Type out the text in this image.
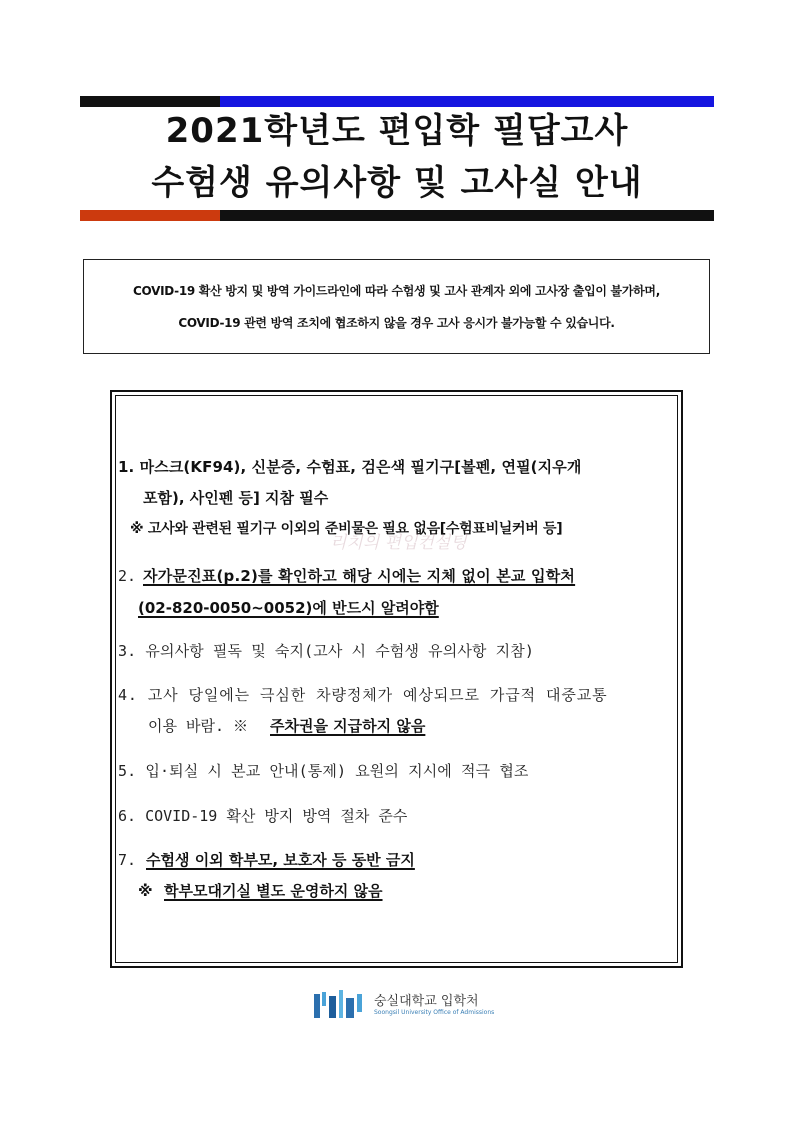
2021학년도 편입학 필답고사
수험생 유의사항 및 고사실 안내
COVID-19 확산 방지 및 방역 가이드라인에 따라 수험생 및 고사 관계자 외에 고사장 출입이 불가하며,
COVID-19 관련 방역 조치에 협조하지 않을 경우 고사 응시가 불가능할 수 있습니다.
1. 마스크(KF94), 신분증, 수험표, 검은색 필기구[볼펜, 연필(지우개
포함), 사인펜 등] 지참 필수
※ 고사와 관련된 필기구 이외의 준비물은 필요 없음[수험표비닐커버 등]
리치의 편입컨설팅
2. 자가문진표(p.2)를 확인하고 해당 시에는 지체 없이 본교 입학처
(02-820-0050~0052)에 반드시 알려야함
3. 유의사항 필독 및 숙지(고사 시 수험생 유의사항 지참)
4. 고사 당일에는 극심한 차량정체가 예상되므로 가급적 대중교통
이용 바람. ※ 주차권을 지급하지 않음
5. 입·퇴실 시 본교 안내(통제) 요원의 지시에 적극 협조
6. COVID-19 확산 방지 방역 절차 준수
7. 수험생 이외 학부모, 보호자 등 동반 금지
※ 학부모대기실 별도 운영하지 않음
숭실대학교 입학처
Soongsil University Office of Admissions
